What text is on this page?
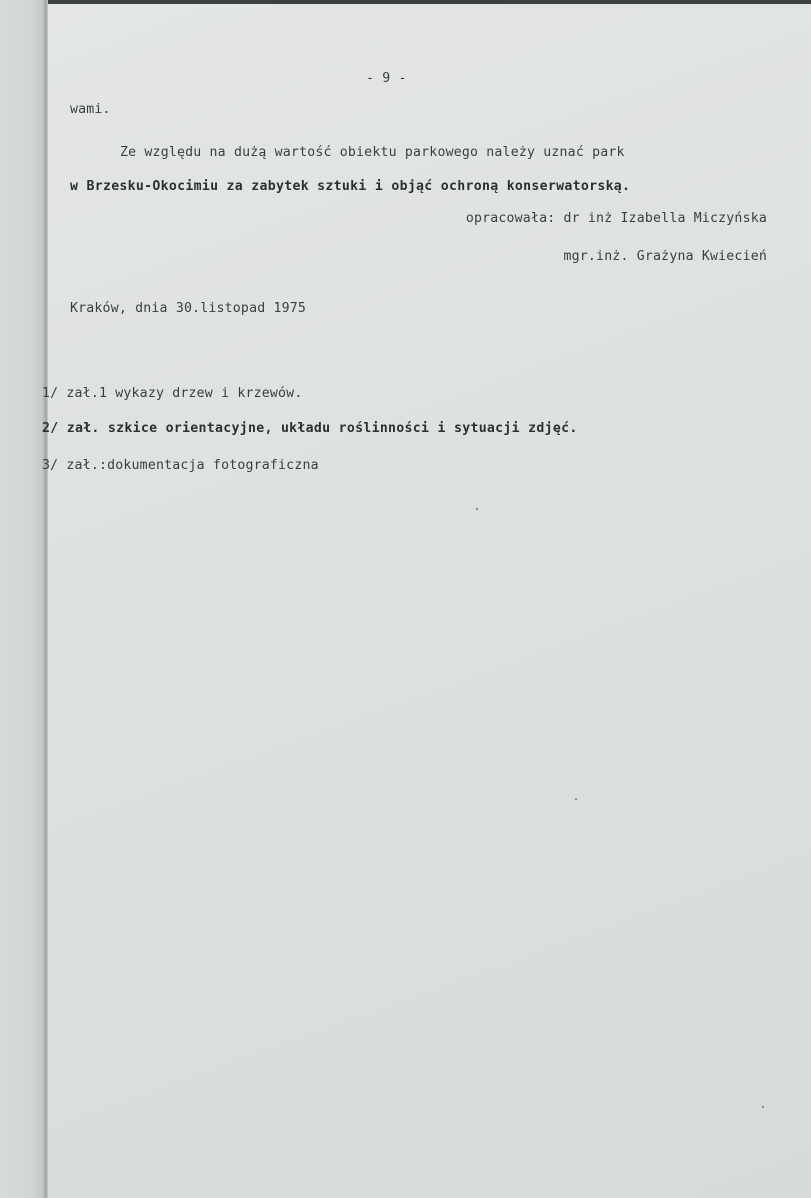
- 9 -

wami.

Ze względu na dużą wartość obiektu parkowego należy uznać park

w Brzesku-Okocimiu za zabytek sztuki i objąć ochroną konserwatorską.

opracowała: dr inż Izabella Miczyńska

mgr.inż. Grażyna Kwiecień

Kraków, dnia 30.listopad 1975

1/ zał.1 wykazy drzew i krzewów.

2/ zał. szkice orientacyjne, układu roślinności i sytuacji zdjęć.

3/ zał.:dokumentacja fotograficzna
